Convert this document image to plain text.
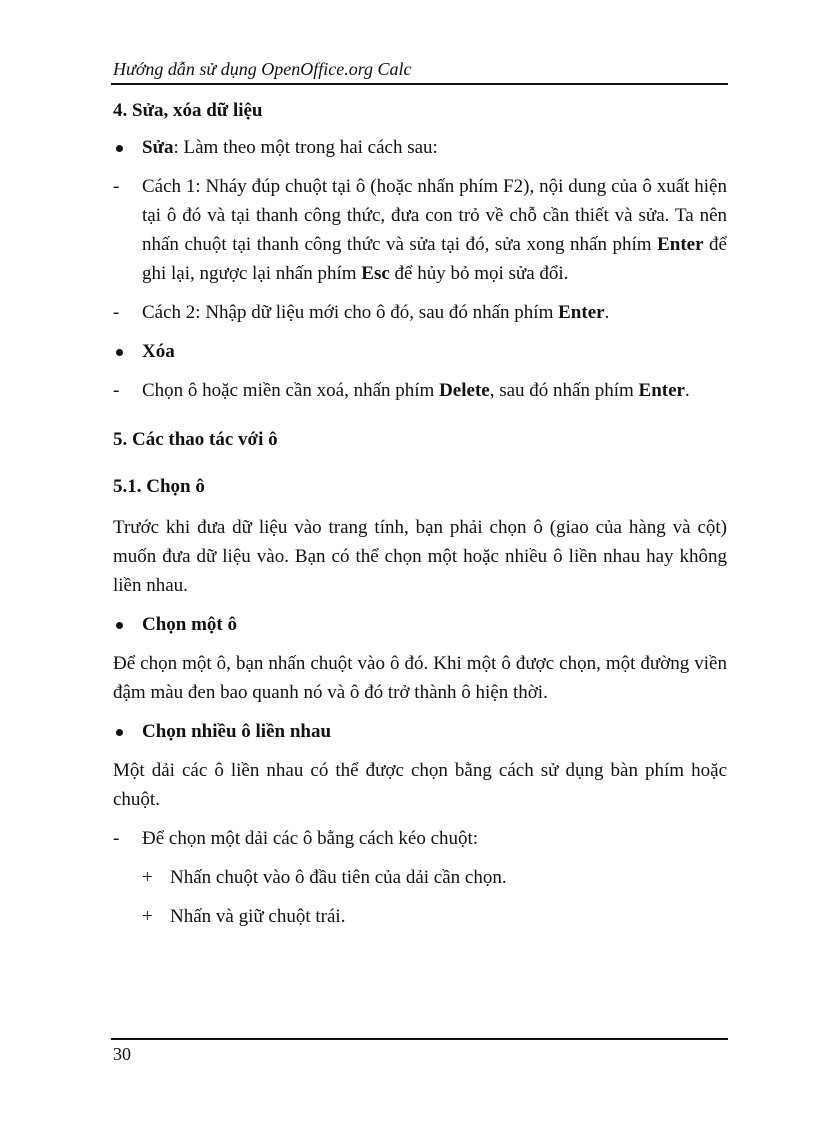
Hướng dẫn sử dụng OpenOffice.org Calc

4. Sửa, xóa dữ liệu

Sửa: Làm theo một trong hai cách sau:

- Cách 1: Nháy đúp chuột tại ô (hoặc nhấn phím F2), nội dung của ô xuất hiện tại ô đó và tại thanh công thức, đưa con trỏ về chỗ cần thiết và sửa. Ta nên nhấn chuột tại thanh công thức và sửa tại đó, sửa xong nhấn phím Enter để ghi lại, ngược lại nhấn phím Esc để hủy bỏ mọi sửa đổi.

- Cách 2: Nhập dữ liệu mới cho ô đó, sau đó nhấn phím Enter.

Xóa

- Chọn ô hoặc miền cần xoá, nhấn phím Delete, sau đó nhấn phím Enter.

5. Các thao tác với ô

5.1. Chọn ô

Trước khi đưa dữ liệu vào trang tính, bạn phải chọn ô (giao của hàng và cột) muốn đưa dữ liệu vào. Bạn có thể chọn một hoặc nhiều ô liền nhau hay không liền nhau.

Chọn một ô

Để chọn một ô, bạn nhấn chuột vào ô đó. Khi một ô được chọn, một đường viền đậm màu đen bao quanh nó và ô đó trở thành ô hiện thời.

Chọn nhiều ô liền nhau

Một dải các ô liền nhau có thể được chọn bằng cách sử dụng bàn phím hoặc chuột.

- Để chọn một dải các ô bằng cách kéo chuột:

+ Nhấn chuột vào ô đầu tiên của dải cần chọn.

+ Nhấn và giữ chuột trái.

30
